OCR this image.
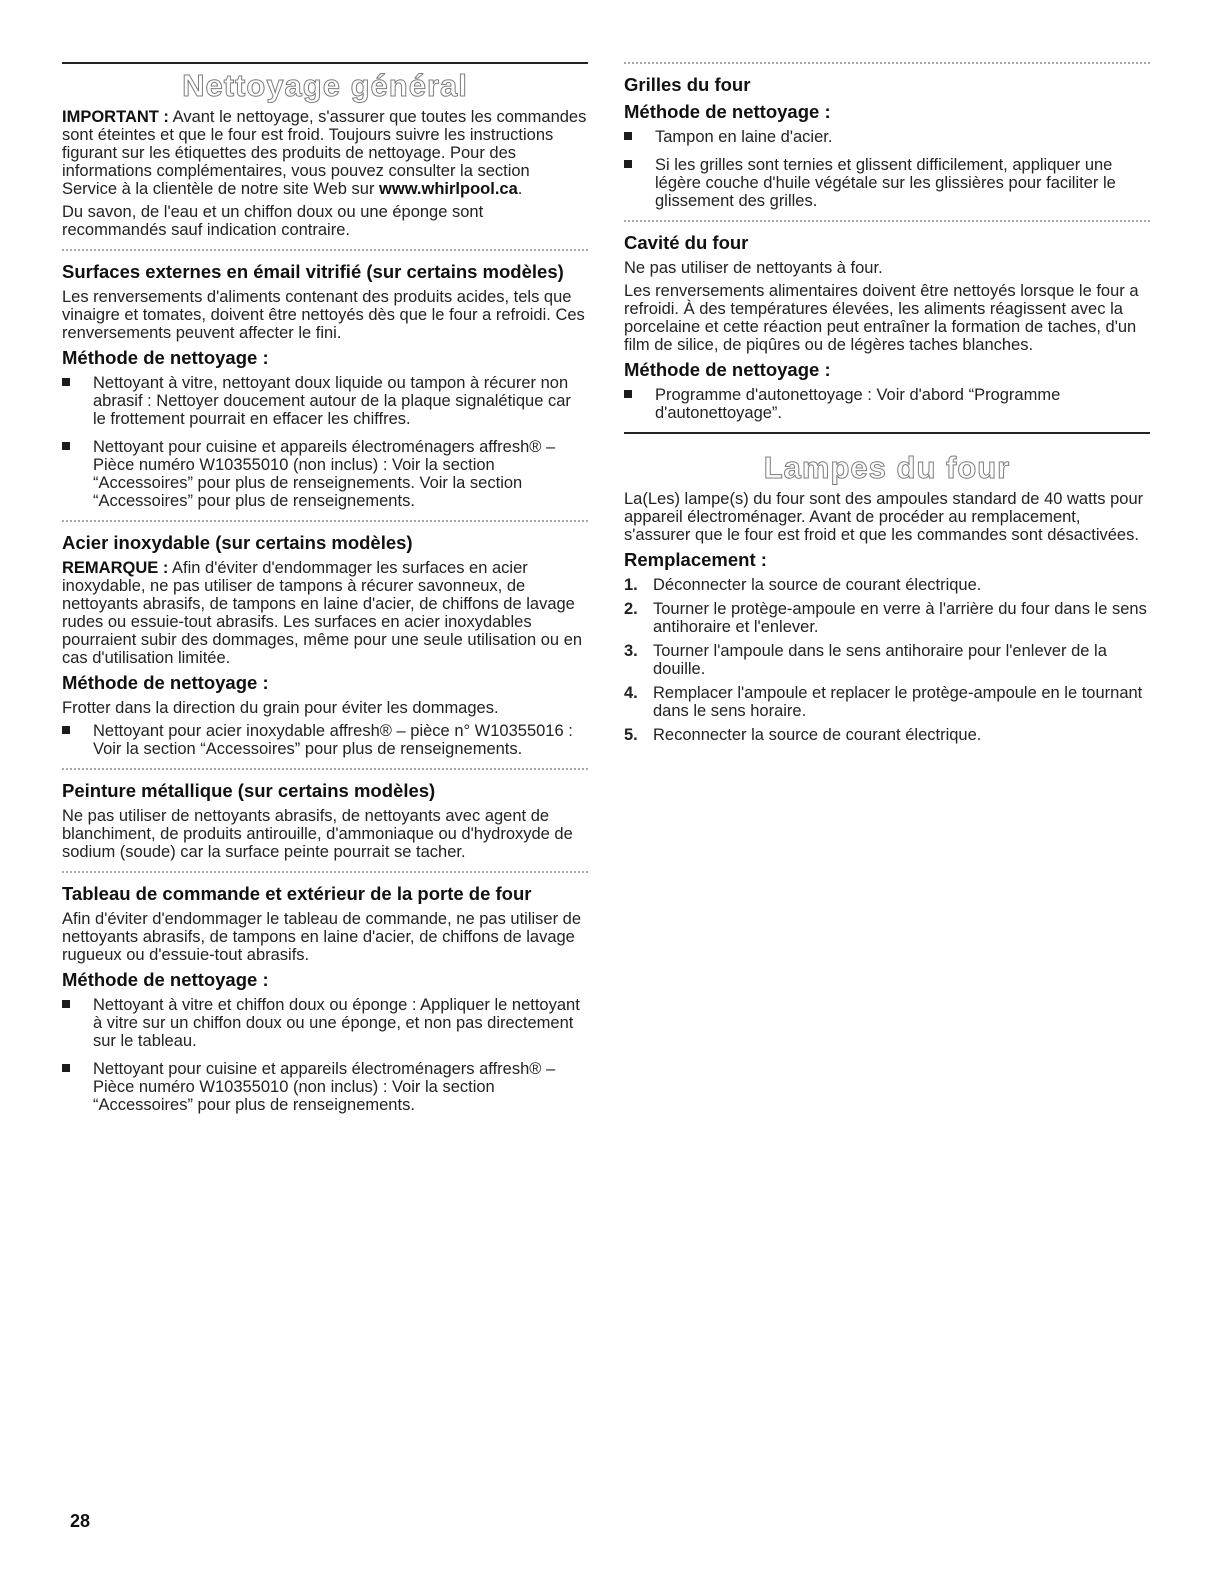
Nettoyage général

IMPORTANT : Avant le nettoyage, s'assurer que toutes les commandes sont éteintes et que le four est froid. Toujours suivre les instructions figurant sur les étiquettes des produits de nettoyage. Pour des informations complémentaires, vous pouvez consulter la section Service à la clientèle de notre site Web sur www.whirlpool.ca.

Du savon, de l'eau et un chiffon doux ou une éponge sont recommandés sauf indication contraire.

Surfaces externes en émail vitrifié (sur certains modèles)

Les renversements d'aliments contenant des produits acides, tels que vinaigre et tomates, doivent être nettoyés dès que le four a refroidi. Ces renversements peuvent affecter le fini.

Méthode de nettoyage :
Nettoyant à vitre, nettoyant doux liquide ou tampon à récurer non abrasif : Nettoyer doucement autour de la plaque signalétique car le frottement pourrait en effacer les chiffres.
Nettoyant pour cuisine et appareils électroménagers affresh® – Pièce numéro W10355010 (non inclus) : Voir la section “Accessoires” pour plus de renseignements. Voir la section “Accessoires” pour plus de renseignements.
Acier inoxydable (sur certains modèles)

REMARQUE : Afin d'éviter d'endommager les surfaces en acier inoxydable, ne pas utiliser de tampons à récurer savonneux, de nettoyants abrasifs, de tampons en laine d'acier, de chiffons de lavage rudes ou essuie-tout abrasifs. Les surfaces en acier inoxydables pourraient subir des dommages, même pour une seule utilisation ou en cas d'utilisation limitée.

Méthode de nettoyage :

Frotter dans la direction du grain pour éviter les dommages.

Nettoyant pour acier inoxydable affresh® – pièce n° W10355016 : Voir la section “Accessoires” pour plus de renseignements.
Peinture métallique (sur certains modèles)

Ne pas utiliser de nettoyants abrasifs, de nettoyants avec agent de blanchiment, de produits antirouille, d'ammoniaque ou d'hydroxyde de sodium (soude) car la surface peinte pourrait se tacher.

Tableau de commande et extérieur de la porte de four

Afin d'éviter d'endommager le tableau de commande, ne pas utiliser de nettoyants abrasifs, de tampons en laine d'acier, de chiffons de lavage rugueux ou d'essuie-tout abrasifs.

Méthode de nettoyage :
Nettoyant à vitre et chiffon doux ou éponge : Appliquer le nettoyant à vitre sur un chiffon doux ou une éponge, et non pas directement sur le tableau.
Nettoyant pour cuisine et appareils électroménagers affresh® – Pièce numéro W10355010 (non inclus) : Voir la section “Accessoires” pour plus de renseignements.
Grilles du four
Méthode de nettoyage :
Tampon en laine d'acier.
Si les grilles sont ternies et glissent difficilement, appliquer une légère couche d'huile végétale sur les glissières pour faciliter le glissement des grilles.
Cavité du four

Ne pas utiliser de nettoyants à four.

Les renversements alimentaires doivent être nettoyés lorsque le four a refroidi. À des températures élevées, les aliments réagissent avec la porcelaine et cette réaction peut entraîner la formation de taches, d'un film de silice, de piqûres ou de légères taches blanches.

Méthode de nettoyage :
Programme d'autonettoyage : Voir d'abord “Programme d'autonettoyage”.
Lampes du four

La(Les) lampe(s) du four sont des ampoules standard de 40 watts pour appareil électroménager. Avant de procéder au remplacement, s'assurer que le four est froid et que les commandes sont désactivées.

Remplacement :
1. Déconnecter la source de courant électrique.
2. Tourner le protège-ampoule en verre à l'arrière du four dans le sens antihoraire et l'enlever.
3. Tourner l'ampoule dans le sens antihoraire pour l'enlever de la douille.
4. Remplacer l'ampoule et replacer le protège-ampoule en le tournant dans le sens horaire.
5. Reconnecter la source de courant électrique.
28
